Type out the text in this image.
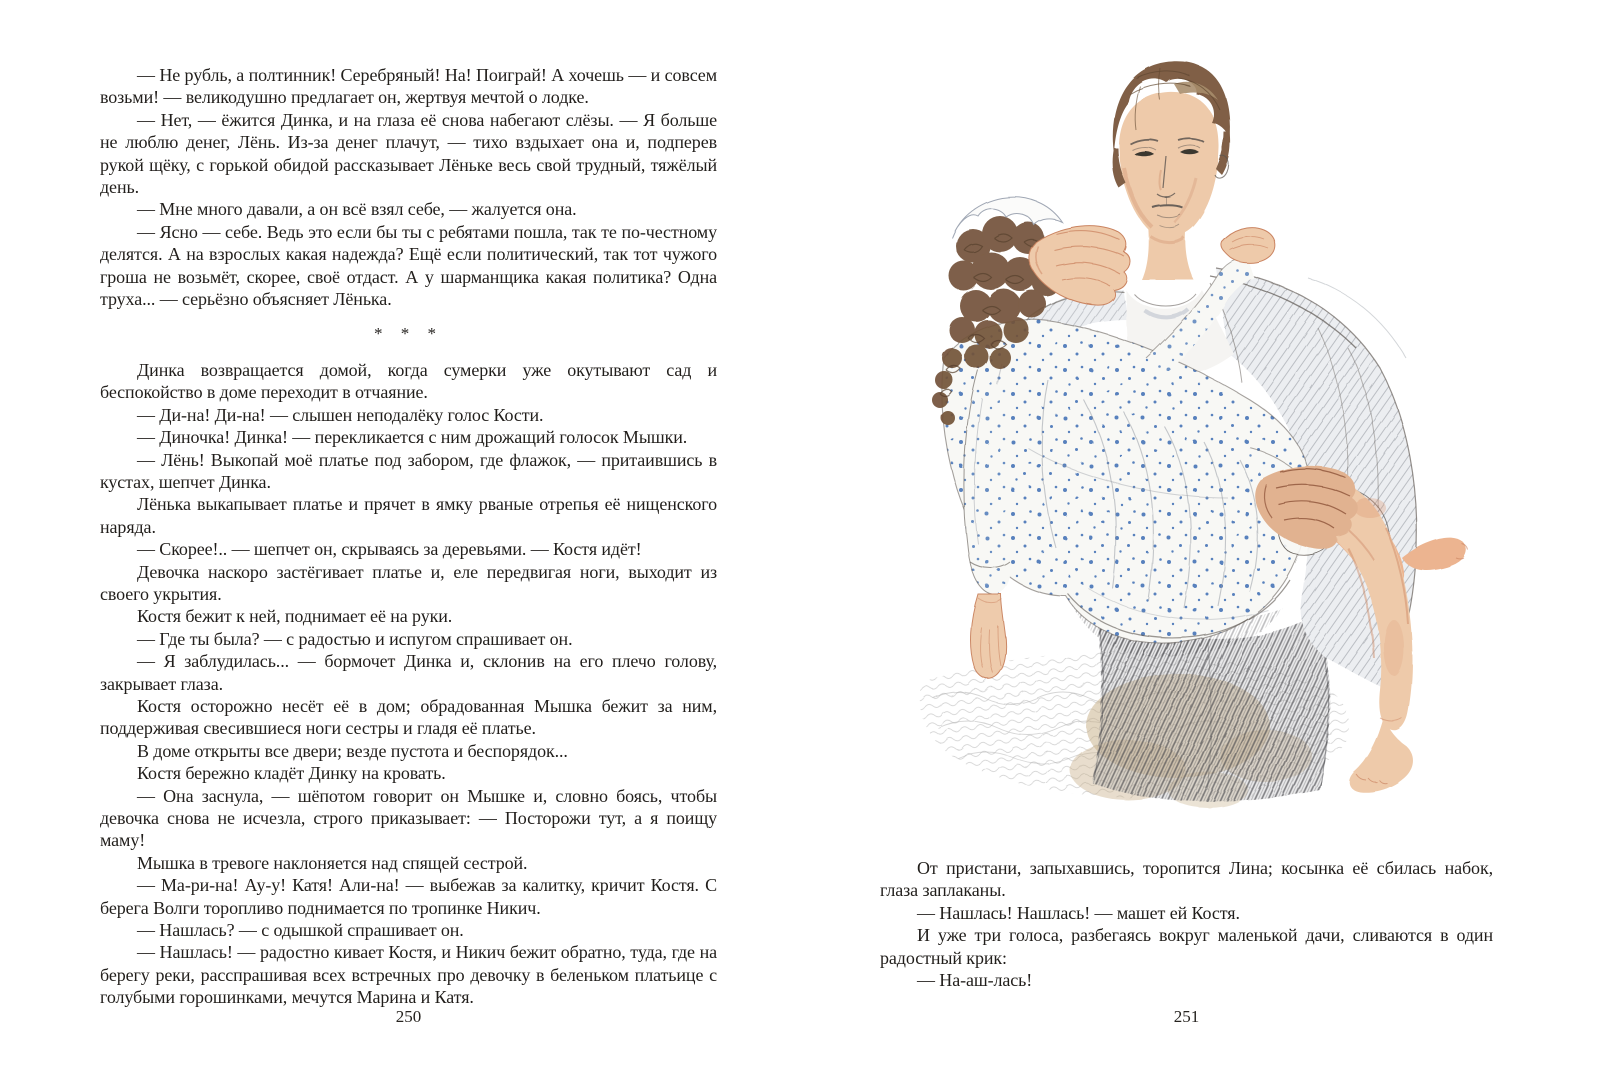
— Не рубль, а полтинник! Серебряный! На! Поиграй! А хочешь — и совсем возьми! — великодушно предлагает он, жертвуя мечтой о лодке.

— Нет, — ёжится Динка, и на глаза её снова набегают слёзы. — Я больше не люблю денег, Лёнь. Из-за денег плачут, — тихо вздыхает она и, подперев рукой щёку, с горькой обидой рассказывает Лёньке весь свой трудный, тяжёлый день.

— Мне много давали, а он всё взял себе, — жалуется она.

— Ясно — себе. Ведь это если бы ты с ребятами пошла, так те по-честному делятся. А на взрослых какая надежда? Ещё если политический, так тот чужого гроша не возьмёт, скорее, своё отдаст. А у шарманщика какая политика? Одна труха... — серьёзно объясняет Лёнька.

* * *

Динка возвращается домой, когда сумерки уже окутывают сад и беспокойство в доме переходит в отчаяние.

— Ди-на! Ди-на! — слышен неподалёку голос Кости.

— Диночка! Динка! — перекликается с ним дрожащий голосок Мышки.

— Лёнь! Выкопай моё платье под забором, где флажок, — притаившись в кустах, шепчет Динка.

Лёнька выкапывает платье и прячет в ямку рваные отрепья её нищенского наряда.

— Скорее!.. — шепчет он, скрываясь за деревьями. — Костя идёт!

Девочка наскоро застёгивает платье и, еле передвигая ноги, выходит из своего укрытия.

Костя бежит к ней, поднимает её на руки.

— Где ты была? — с радостью и испугом спрашивает он.

— Я заблудилась... — бормочет Динка и, склонив на его плечо голову, закрывает глаза.

Костя осторожно несёт её в дом; обрадованная Мышка бежит за ним, поддерживая свесившиеся ноги сестры и гладя её платье.

В доме открыты все двери; везде пустота и беспорядок...

Костя бережно кладёт Динку на кровать.

— Она заснула, — шёпотом говорит он Мышке и, словно боясь, чтобы девочка снова не исчезла, строго приказывает: — Посторожи тут, а я поищу маму!

Мышка в тревоге наклоняется над спящей сестрой.

— Ма-ри-на! Ау-у! Катя! Али-на! — выбежав за калитку, кричит Костя. С берега Волги торопливо поднимается по тропинке Никич.

— Нашлась? — с одышкой спрашивает он.

— Нашлась! — радостно кивает Костя, и Никич бежит обратно, туда, где на берегу реки, расспрашивая всех встречных про девочку в беленьком платьице с голубыми горошинками, мечутся Марина и Катя.

250

От пристани, запыхавшись, торопится Лина; косынка её сбилась набок, глаза заплаканы.

— Нашлась! Нашлась! — машет ей Костя.

И уже три голоса, разбегаясь вокруг маленькой дачи, сливаются в один радостный крик:

— На-аш-лась!

251
